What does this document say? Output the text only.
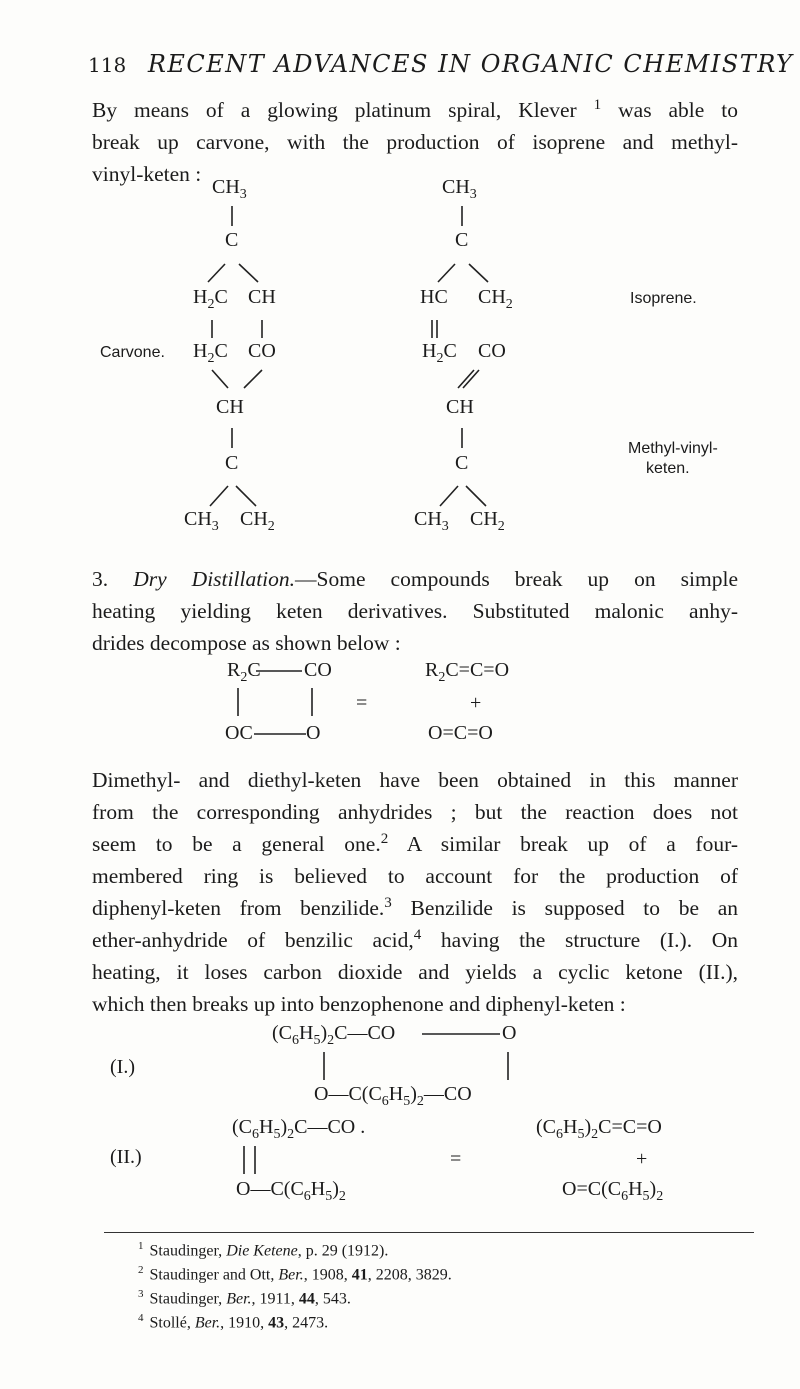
118 RECENT ADVANCES IN ORGANIC CHEMISTRY

By means of a glowing platinum spiral, Klever $^1$ was able to
break up carvone, with the production of isoprene and methyl-
vinyl-keten :

$CH_3$
C
$H_2C$ CH
$H_2C$ CO
CH
C
$CH_3$ $CH_2$
$CH_3$
C
HC $CH_2$
$H_2C$ CO
CH
C
$CH_3$ $CH_2$
Carvone.
Isoprene.
Methyl-vinyl-
keten.

3. Dry Distillation.—Some compounds break up on simple
heating yielding keten derivatives. Substituted malonic anhy-
drides decompose as shown below :

$R_2C$ CO
OC	O
=
$R_2C=C=O$
+
O=C=O

Dimethyl- and diethyl-keten have been obtained in this manner
from the corresponding anhydrides ; but the reaction does not
seem to be a general one.$^2$ A similar break up of a four-
membered ring is believed to account for the production of
diphenyl-keten from benzilide.$^3$ Benzilide is supposed to be an
ether-anhydride of benzilic acid,$^4$ having the structure (I.). On
heating, it loses carbon dioxide and yields a cyclic ketone (II.),
which then breaks up into benzophenone and diphenyl-keten :

(I.)
$(C_6H_5)_2C—CO$	O
$O—C(C_6H_5)_2—CO$
(II.)
$(C_6H_5)_2C—CO$ .
$O—C(C_6H_5)_2$
=
$(C_6H_5)_2C=C=O$
+
$O=C(C_6H_5)_2$
$^1$ Staudinger, Die Ketene, p. 29 (1912).
$^2$ Staudinger and Ott, Ber., 1908, 41, 2208, 3829.
$^3$ Staudinger, Ber., 1911, 44, 543.
$^4$ Stollé, Ber., 1910, 43, 2473.
